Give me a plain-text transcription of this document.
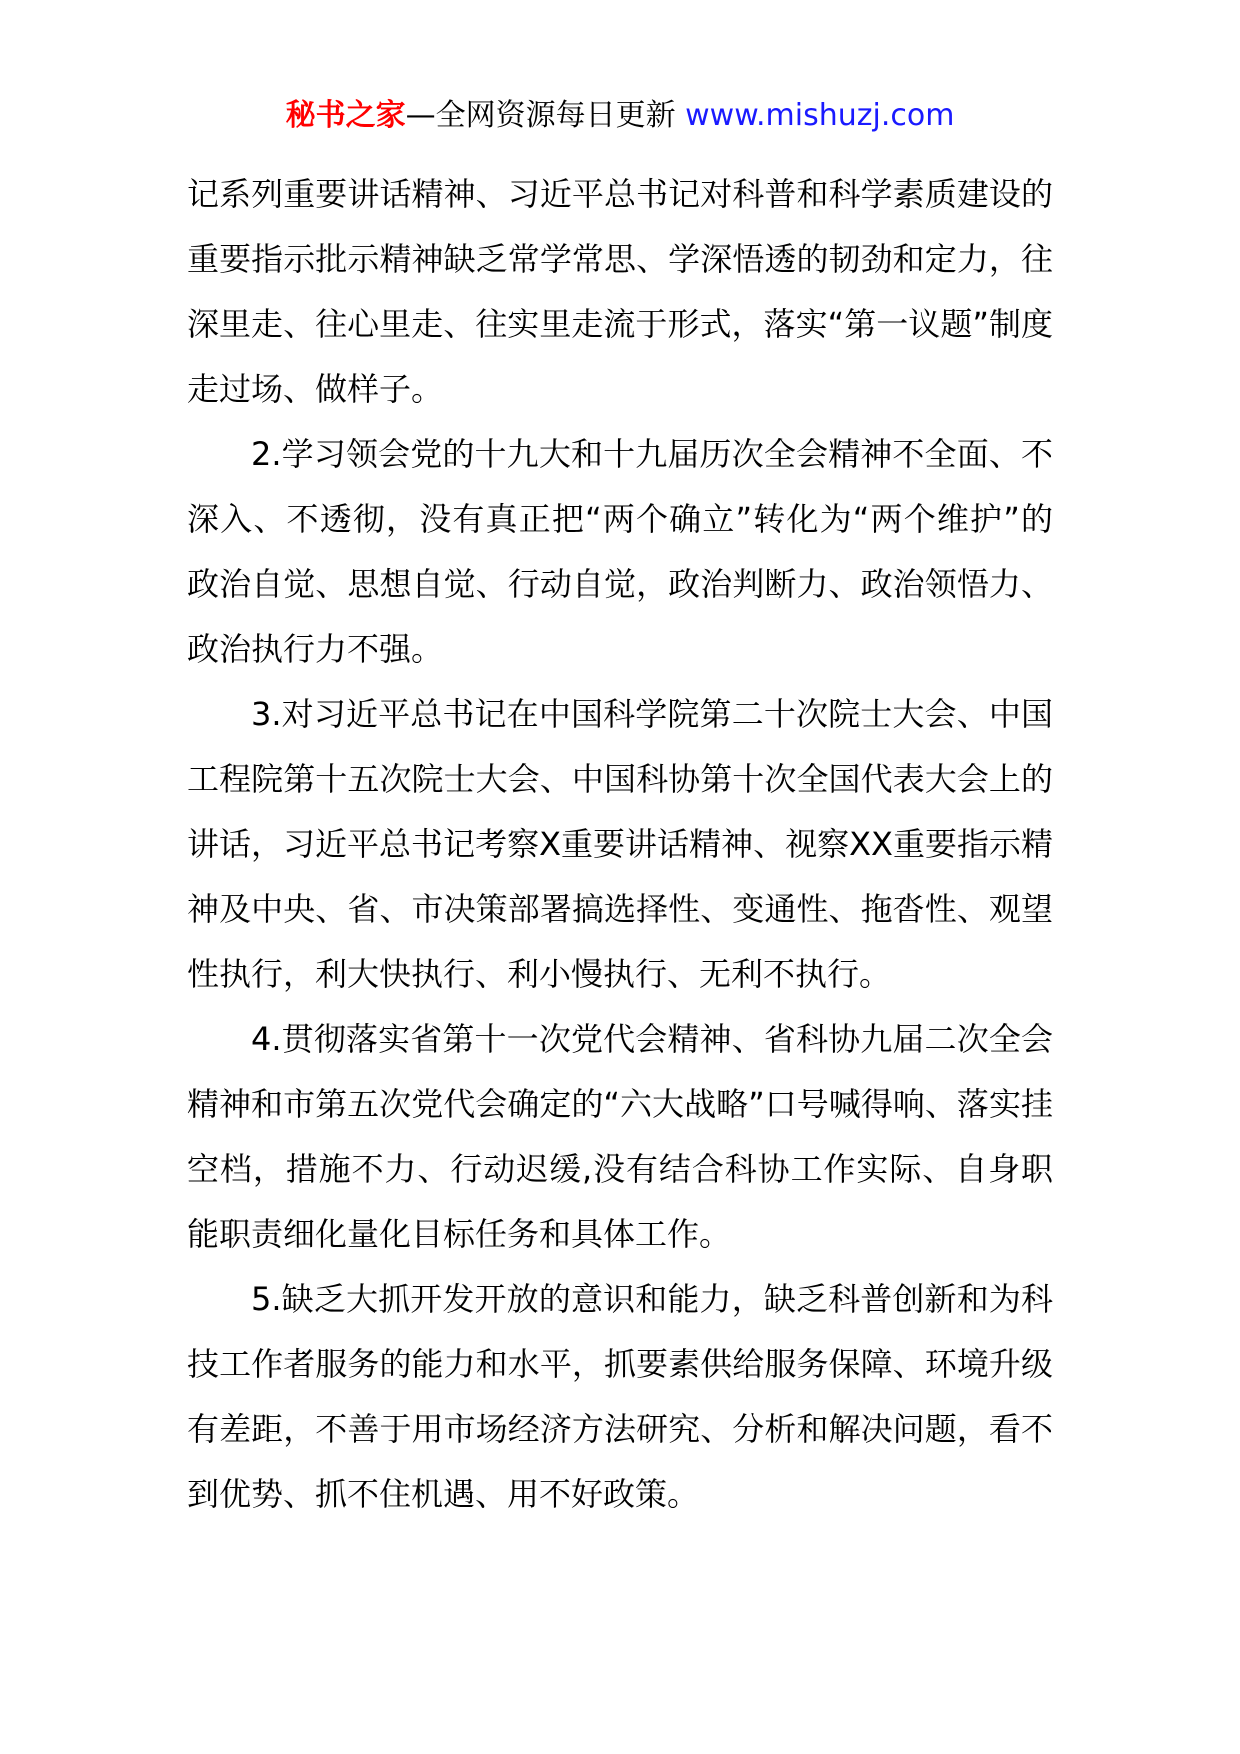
秘书之家—全网资源每日更新 www.mishuzj.com

记系列重要讲话精神、习近平总书记对科普和科学素质建设的重要指示批示精神缺乏常学常思、学深悟透的韧劲和定力，往深里走、往心里走、往实里走流于形式，落实“第一议题”制度走过场、做样子。

2.学习领会党的十九大和十九届历次全会精神不全面、不深入、不透彻，没有真正把“两个确立”转化为“两个维护”的政治自觉、思想自觉、行动自觉，政治判断力、政治领悟力、政治执行力不强。

3.对习近平总书记在中国科学院第二十次院士大会、中国工程院第十五次院士大会、中国科协第十次全国代表大会上的讲话，习近平总书记考察X重要讲话精神、视察XX重要指示精神及中央、省、市决策部署搞选择性、变通性、拖沓性、观望性执行，利大快执行、利小慢执行、无利不执行。

4.贯彻落实省第十一次党代会精神、省科协九届二次全会精神和市第五次党代会确定的“六大战略”口号喊得响、落实挂空档，措施不力、行动迟缓,没有结合科协工作实际、自身职能职责细化量化目标任务和具体工作。

5.缺乏大抓开发开放的意识和能力，缺乏科普创新和为科技工作者服务的能力和水平，抓要素供给服务保障、环境升级有差距，不善于用市场经济方法研究、分析和解决问题，看不到优势、抓不住机遇、用不好政策。
